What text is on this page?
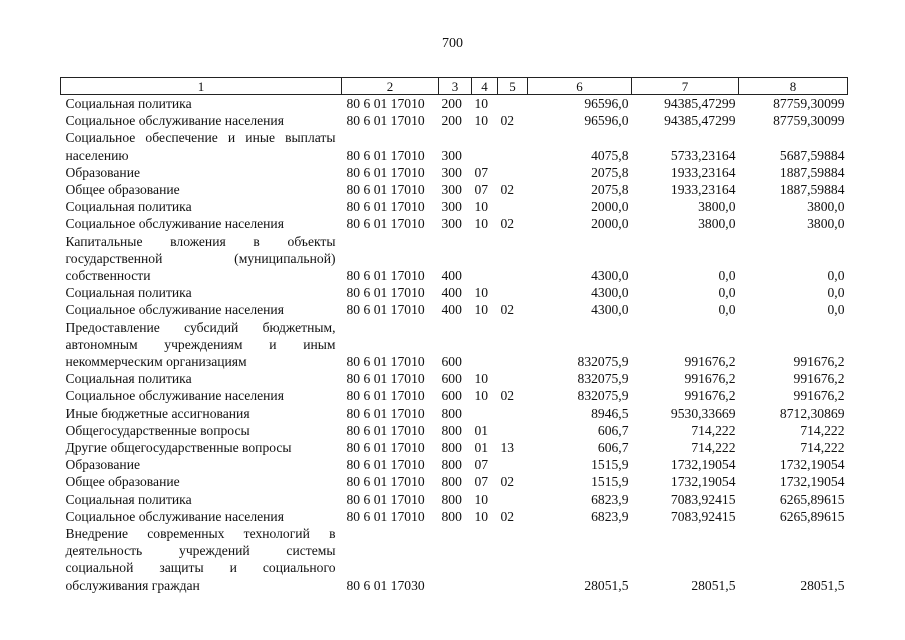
700
1	2	3	4	5	6	7	8
Социальная политика	80 6 01 17010	200	10		96596,0	94385,47299	87759,30099
Социальное обслуживание населения	80 6 01 17010	200	10	02	96596,0	94385,47299	87759,30099
Социальное обеспечение и иные выплаты населению	80 6 01 17010	300			4075,8	5733,23164	5687,59884
Образование	80 6 01 17010	300	07		2075,8	1933,23164	1887,59884
Общее образование	80 6 01 17010	300	07	02	2075,8	1933,23164	1887,59884
Социальная политика	80 6 01 17010	300	10		2000,0	3800,0	3800,0
Социальное обслуживание населения	80 6 01 17010	300	10	02	2000,0	3800,0	3800,0
Капитальные вложения в объекты государственной (муниципальной) собственности	80 6 01 17010	400			4300,0	0,0	0,0
Социальная политика	80 6 01 17010	400	10		4300,0	0,0	0,0
Социальное обслуживание населения	80 6 01 17010	400	10	02	4300,0	0,0	0,0
Предоставление субсидий бюджетным, автономным учреждениям и иным некоммерческим организациям	80 6 01 17010	600			832075,9	991676,2	991676,2
Социальная политика	80 6 01 17010	600	10		832075,9	991676,2	991676,2
Социальное обслуживание населения	80 6 01 17010	600	10	02	832075,9	991676,2	991676,2
Иные бюджетные ассигнования	80 6 01 17010	800			8946,5	9530,33669	8712,30869
Общегосударственные вопросы	80 6 01 17010	800	01		606,7	714,222	714,222
Другие общегосударственные вопросы	80 6 01 17010	800	01	13	606,7	714,222	714,222
Образование	80 6 01 17010	800	07		1515,9	1732,19054	1732,19054
Общее образование	80 6 01 17010	800	07	02	1515,9	1732,19054	1732,19054
Социальная политика	80 6 01 17010	800	10		6823,9	7083,92415	6265,89615
Социальное обслуживание населения	80 6 01 17010	800	10	02	6823,9	7083,92415	6265,89615
Внедрение современных технологий в деятельность учреждений системы социальной защиты и социального обслуживания граждан	80 6 01 17030				28051,5	28051,5	28051,5
